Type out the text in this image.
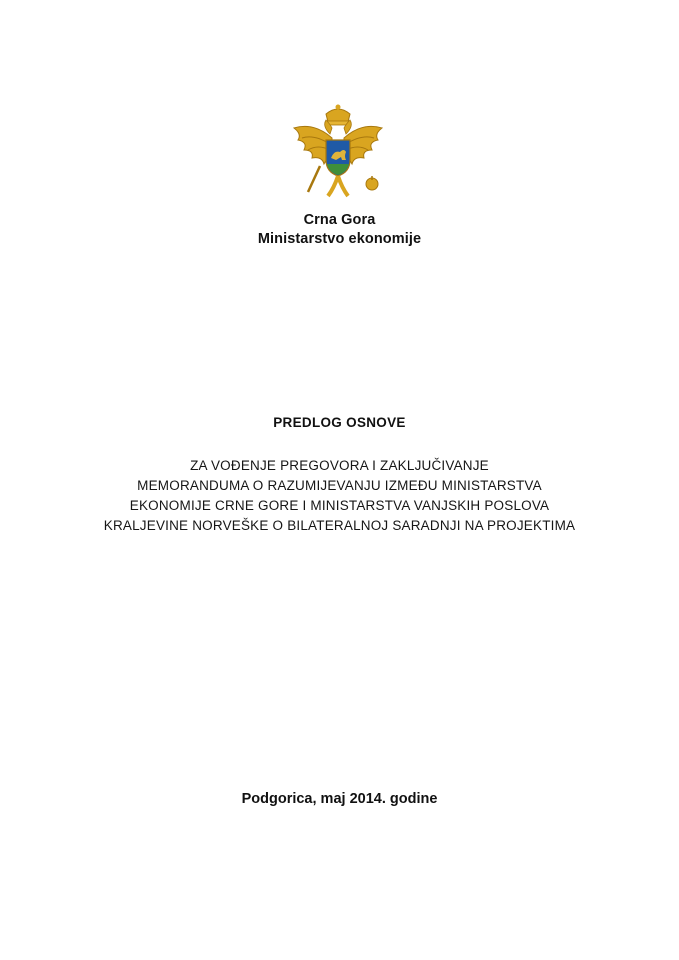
Crna Gora
Ministarstvo ekonomije
PREDLOG OSNOVE
ZA VOĐENJE PREGOVORA I ZAKLJUČIVANJE
MEMORANDUMA O RAZUMIJEVANJU IZMEĐU MINISTARSTVA
EKONOMIJE CRNE GORE I MINISTARSTVA VANJSKIH POSLOVA
KRALJEVINE NORVEŠKE O BILATERALNOJ SARADNJI NA PROJEKTIMA
Podgorica, maj 2014. godine
